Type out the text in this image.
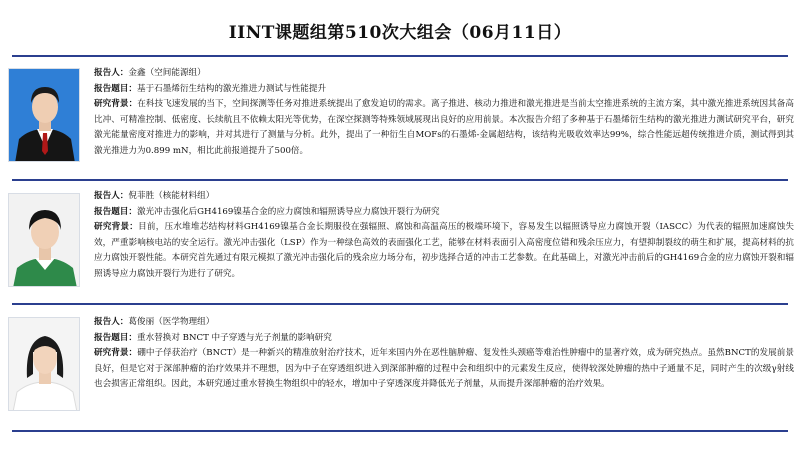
IINT课题组第510次大组会（06月11日）
报告人：金鑫（空间能源组）
报告题目：基于石墨烯衍生结构的激光推进力测试与性能提升
研究背景：在科技飞速发展的当下，空间探测等任务对推进系统提出了愈发迫切的需求。离子推进、核动力推进和激光推进是当前太空推进系统的主流方案，其中激光推进系统因其备高比冲、可精准控制、低密度、长续航且不依赖太阳光等优势，在深空探测等特殊领域展现出良好的应用前景。本次报告介绍了多种基于石墨烯衍生结构的激光推进力测试研究平台，研究激光能量密度对推进力的影响，并对其进行了测量与分析。此外，提出了一种衍生自MOFs的石墨烯-金属超结构，该结构光吸收效率达99%，综合性能远超传统推进介质，测试得到其激光推进力为0.899 mN，相比此前报道提升了500倍。
报告人：倪菲胜（核能材料组）
报告题目：激光冲击强化后GH4169镍基合金的应力腐蚀和辐照诱导应力腐蚀开裂行为研究
研究背景：目前，压水堆堆芯结构材料GH4169镍基合金长期服役在强辐照、腐蚀和高温高压的极端环境下，容易发生以辐照诱导应力腐蚀开裂（IASCC）为代表的辐照加速腐蚀失效，严重影响核电站的安全运行。激光冲击强化（LSP）作为一种绿色高效的表面强化工艺，能够在材料表面引入高密度位错和残余压应力，有望抑制裂纹的萌生和扩展，提高材料的抗应力腐蚀开裂性能。本研究首先通过有限元模拟了激光冲击强化后的残余应力场分布，初步选择合适的冲击工艺参数。在此基础上，对激光冲击前后的GH4169合金的应力腐蚀开裂和辐照诱导应力腐蚀开裂行为进行了研究。
报告人：葛俊丽（医学物理组）
报告题目：重水替换对 BNCT 中子穿透与光子剂量的影响研究
研究背景：硼中子俘获治疗（BNCT）是一种新兴的精准放射治疗技术，近年来国内外在恶性脑肿瘤、复发性头颈癌等难治性肿瘤中的显著疗效，成为研究热点。虽然BNCT的发展前景良好，但是它对于深部肿瘤的治疗效果并不理想，因为中子在穿透组织进入到深部肿瘤的过程中会和组织中的元素发生反应，使得较深处肿瘤的热中子通量不足，同时产生的次级γ射线也会损害正常组织。因此，本研究通过重水替换生物组织中的轻水，增加中子穿透深度并降低光子剂量，从而提升深部肿瘤的治疗效果。
